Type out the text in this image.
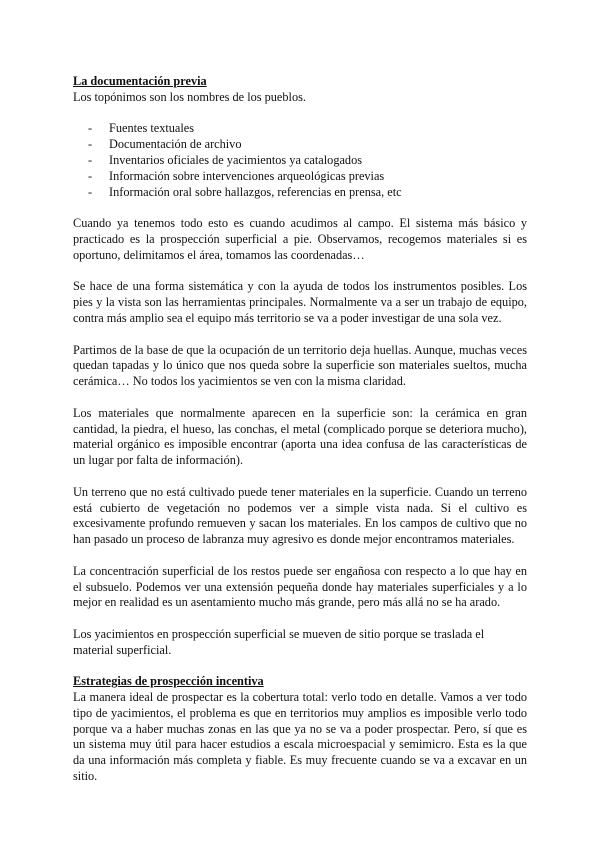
La documentación previa

Los topónimos son los nombres de los pueblos.

- Fuentes textuales
- Documentación de archivo
- Inventarios oficiales de yacimientos ya catalogados
- Información sobre intervenciones arqueológicas previas
- Información oral sobre hallazgos, referencias en prensa, etc

Cuando ya tenemos todo esto es cuando acudimos al campo. El sistema más básico y practicado es la prospección superficial a pie. Observamos, recogemos materiales si es oportuno, delimitamos el área, tomamos las coordenadas…

Se hace de una forma sistemática y con la ayuda de todos los instrumentos posibles. Los pies y la vista son las herramientas principales. Normalmente va a ser un trabajo de equipo, contra más amplio sea el equipo más territorio se va a poder investigar de una sola vez.

Partimos de la base de que la ocupación de un territorio deja huellas. Aunque, muchas veces quedan tapadas y lo único que nos queda sobre la superficie son materiales sueltos, mucha cerámica… No todos los yacimientos se ven con la misma claridad.

Los materiales que normalmente aparecen en la superficie son: la cerámica en gran cantidad, la piedra, el hueso, las conchas, el metal (complicado porque se deteriora mucho), material orgánico es imposible encontrar (aporta una idea confusa de las características de un lugar por falta de información).

Un terreno que no está cultivado puede tener materiales en la superficie. Cuando un terreno está cubierto de vegetación no podemos ver a simple vista nada. Si el cultivo es excesivamente profundo remueven y sacan los materiales. En los campos de cultivo que no han pasado un proceso de labranza muy agresivo es donde mejor encontramos materiales.

La concentración superficial de los restos puede ser engañosa con respecto a lo que hay en el subsuelo. Podemos ver una extensión pequeña donde hay materiales superficiales y a lo mejor en realidad es un asentamiento mucho más grande, pero más allá no se ha arado.

Los yacimientos en prospección superficial se mueven de sitio porque se traslada el material superficial.

Estrategias de prospección incentiva

La manera ideal de prospectar es la cobertura total: verlo todo en detalle. Vamos a ver todo tipo de yacimientos, el problema es que en territorios muy amplios es imposible verlo todo porque va a haber muchas zonas en las que ya no se va a poder prospectar. Pero, sí que es un sistema muy útil para hacer estudios a escala microespacial y semimicro. Esta es la que da una información más completa y fiable. Es muy frecuente cuando se va a excavar en un sitio.
